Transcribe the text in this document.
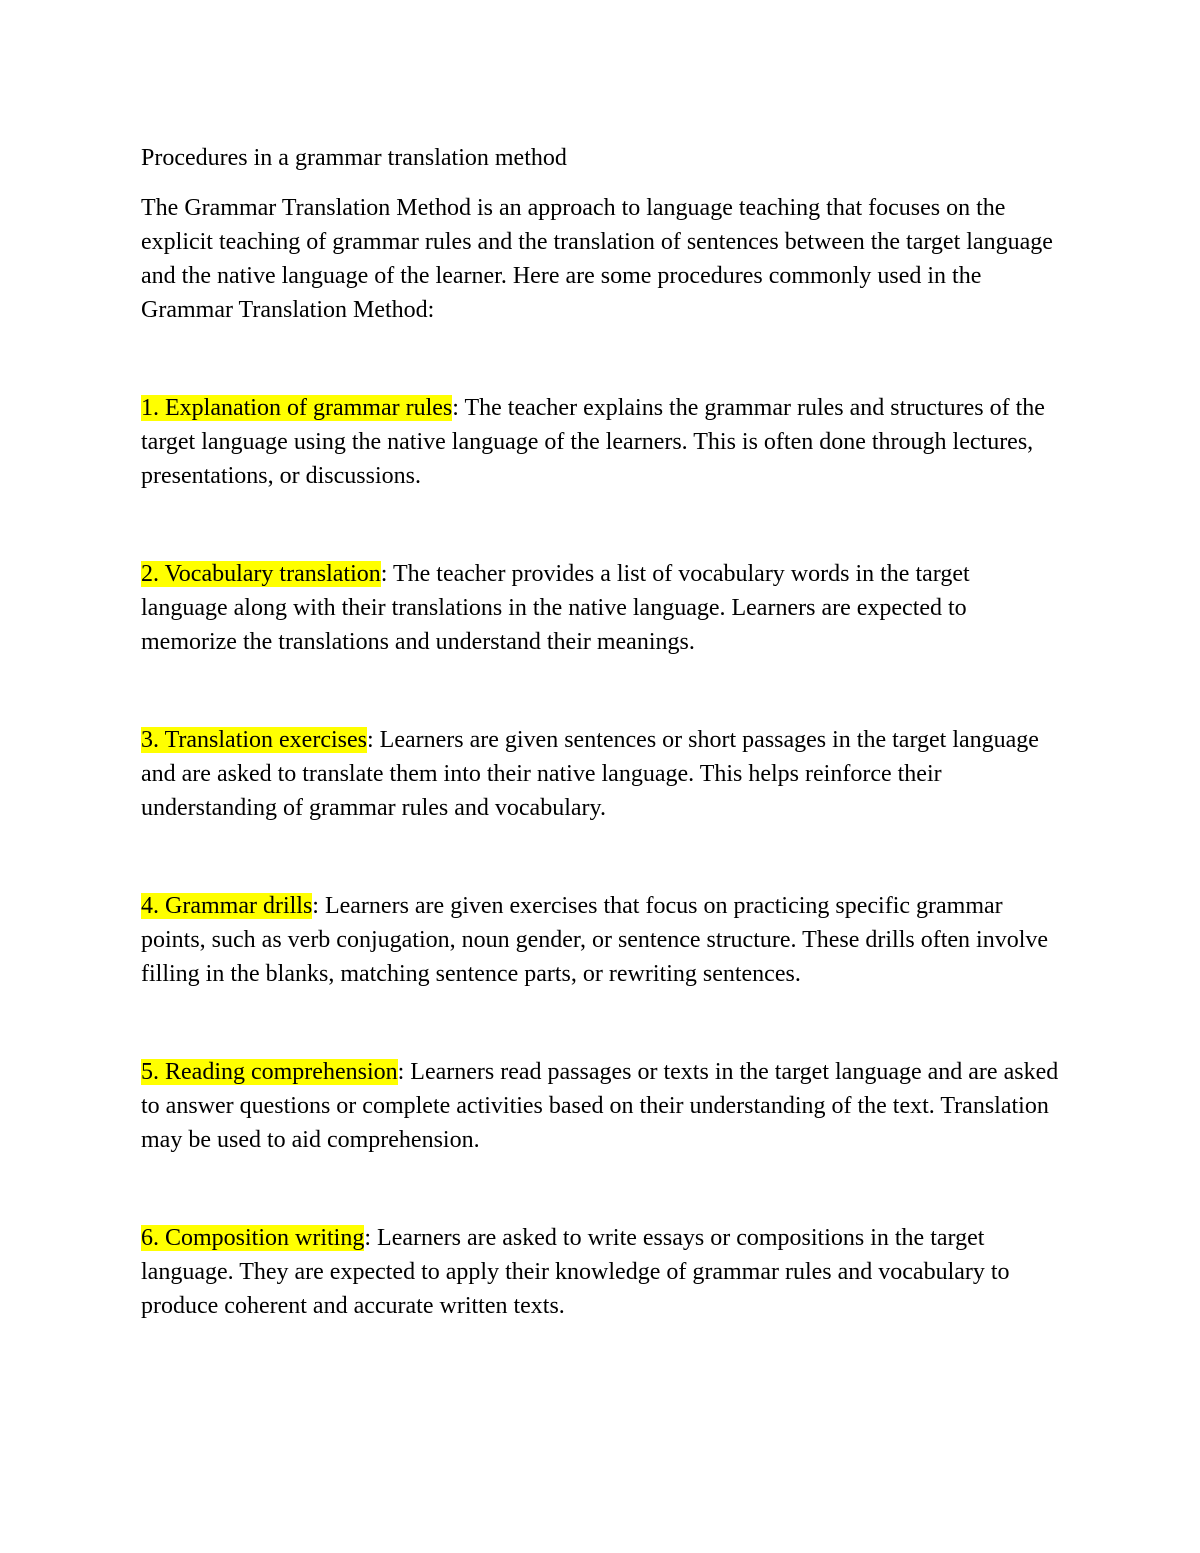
Procedures in a grammar translation method

The Grammar Translation Method is an approach to language teaching that focuses on the explicit teaching of grammar rules and the translation of sentences between the target language and the native language of the learner. Here are some procedures commonly used in the Grammar Translation Method:

1. Explanation of grammar rules: The teacher explains the grammar rules and structures of the target language using the native language of the learners. This is often done through lectures, presentations, or discussions.

2. Vocabulary translation: The teacher provides a list of vocabulary words in the target language along with their translations in the native language. Learners are expected to memorize the translations and understand their meanings.

3. Translation exercises: Learners are given sentences or short passages in the target language and are asked to translate them into their native language. This helps reinforce their understanding of grammar rules and vocabulary.

4. Grammar drills: Learners are given exercises that focus on practicing specific grammar points, such as verb conjugation, noun gender, or sentence structure. These drills often involve filling in the blanks, matching sentence parts, or rewriting sentences.

5. Reading comprehension: Learners read passages or texts in the target language and are asked to answer questions or complete activities based on their understanding of the text. Translation may be used to aid comprehension.

6. Composition writing: Learners are asked to write essays or compositions in the target language. They are expected to apply their knowledge of grammar rules and vocabulary to produce coherent and accurate written texts.
